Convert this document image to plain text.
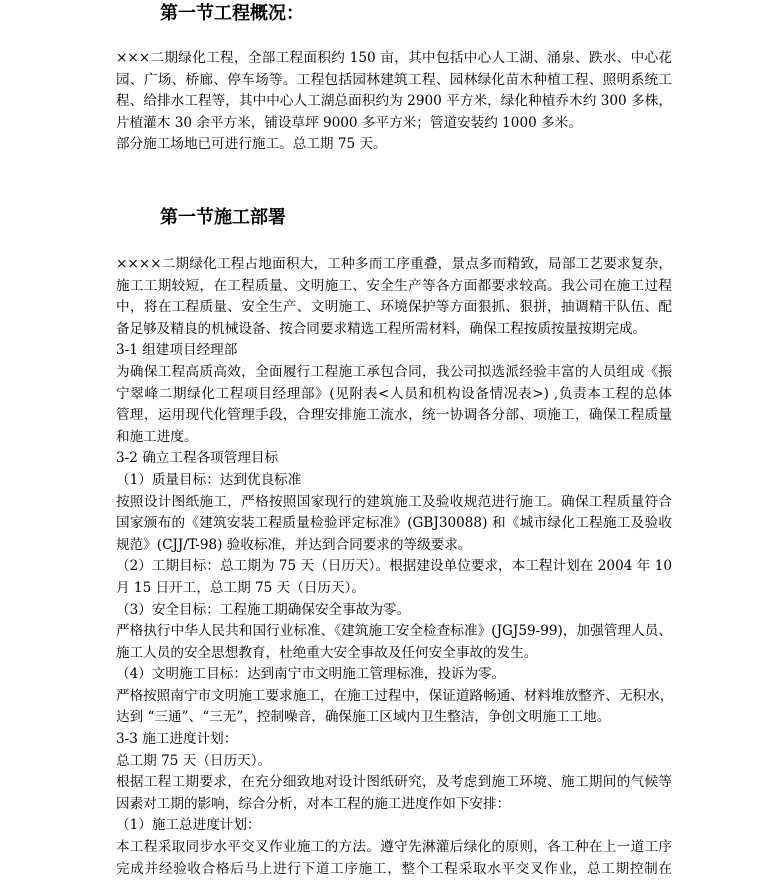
第一节工程概况：
×××二期绿化工程，全部工程面积约 150 亩，其中包括中心人工湖、涌泉、跌水、中心花
园、广场、桥廊、停车场等。工程包括园林建筑工程、园林绿化苗木种植工程、照明系统工
程、给排水工程等，其中中心人工湖总面积约为 2900 平方米，绿化种植乔木约 300 多株，
片植灌木 30 余平方米，铺设草坪 9000 多平方米；管道安装约 1000 多米。
部分施工场地已可进行施工。总工期 75 天。
第一节施工部署
××××二期绿化工程占地面积大，工种多而工序重叠，景点多而精致，局部工艺要求复杂，
施工工期较短，在工程质量、文明施工、安全生产等各方面都要求较高。我公司在施工过程
中，将在工程质量、安全生产、文明施工、环境保护等方面狠抓、狠拼，抽调精干队伍、配
备足够及精良的机械设备、按合同要求精选工程所需材料，确保工程按质按量按期完成。
3-1 组建项目经理部
为确保工程高质高效，全面履行工程施工承包合同，我公司拟选派经验丰富的人员组成《振
宁翠峰二期绿化工程项目经理部》(见附表<人员和机构设备情况表>) ,负责本工程的总体
管理，运用现代化管理手段，合理安排施工流水，统一协调各分部、项施工，确保工程质量
和施工进度。
3-2 确立工程各项管理目标
（1）质量目标：达到优良标准
按照设计图纸施工，严格按照国家现行的建筑施工及验收规范进行施工。确保工程质量符合
国家颁布的《建筑安装工程质量检验评定标准》(GBJ30088) 和《城市绿化工程施工及验收
规范》(CJJ/T-98) 验收标准，并达到合同要求的等级要求。
（2）工期目标：总工期为 75 天（日历天）。根据建设单位要求，本工程计划在 2004 年 10
月 15 日开工，总工期 75 天（日历天）。
（3）安全目标：工程施工期确保安全事故为零。
严格执行中华人民共和国行业标准、《建筑施工安全检查标准》(JGJ59-99)，加强管理人员、
施工人员的安全思想教育，杜绝重大安全事故及任何安全事故的发生。
（4）文明施工目标：达到南宁市文明施工管理标准，投诉为零。
严格按照南宁市文明施工要求施工，在施工过程中，保证道路畅通、材料堆放整齐、无积水，
达到 “三通”、“三无”，控制噪音，确保施工区域内卫生整洁，争创文明施工工地。
3-3 施工进度计划：
总工期 75 天（日历天）。
根据工程工期要求，在充分细致地对设计图纸研究，及考虑到施工环境、施工期间的气候等
因素对工期的影响，综合分析，对本工程的施工进度作如下安排：
（1）施工总进度计划：
本工程采取同步水平交叉作业施工的方法。遵守先淋灌后绿化的原则，各工种在上一道工序
完成并经验收合格后马上进行下道工序施工，整个工程采取水平交叉作业，总工期控制在
